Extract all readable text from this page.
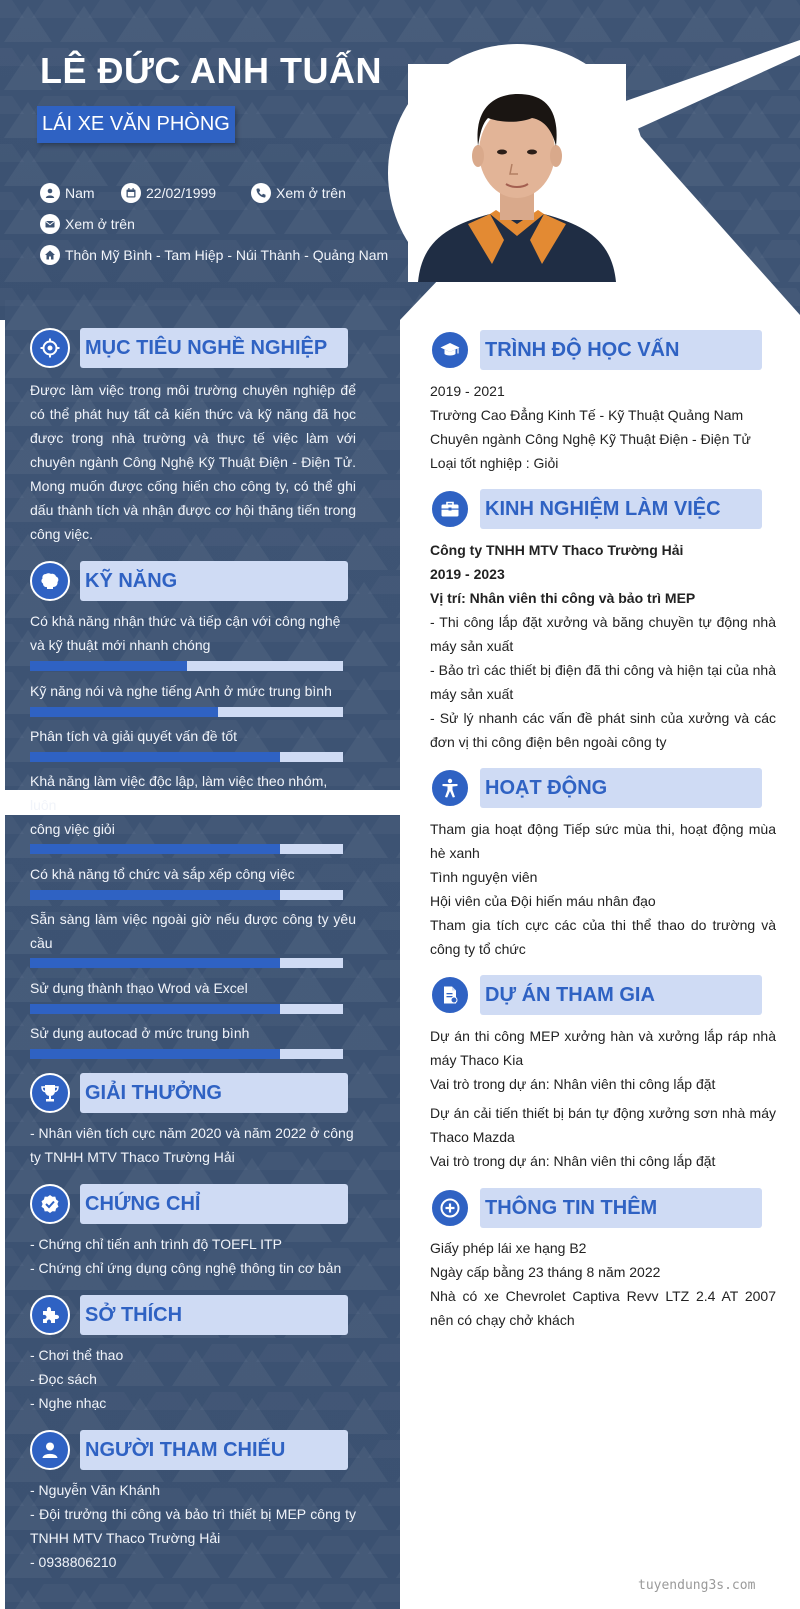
LÊ ĐỨC ANH TUẤN
LÁI XE VĂN PHÒNG
Nam	22/02/1999	Xem ở trên
Xem ở trên
Thôn Mỹ Bình - Tam Hiệp - Núi Thành - Quảng Nam
MỤC TIÊU NGHỀ NGHIỆP
Được làm việc trong môi trường chuyên nghiệp để có thể phát huy tất cả kiến thức và kỹ năng đã học được trong nhà trường và thực tế việc làm với chuyên ngành Công Nghệ Kỹ Thuật Điện - Điện Tử. Mong muốn được cống hiến cho công ty, có thể ghi dấu thành tích và nhận được cơ hội thăng tiến trong công việc.
KỸ NĂNG
Có khả năng nhận thức và tiếp cận với công nghệ và kỹ thuật mới nhanh chóng
Kỹ năng nói và nghe tiếng Anh ở mức trung bình
Phân tích và giải quyết vấn đề tốt
Khả năng làm việc độc lập, làm việc theo nhóm, luôn
công việc giỏi
Có khả năng tổ chức và sắp xếp công việc
Sẵn sàng làm việc ngoài giờ nếu được công ty yêu cầu
Sử dụng thành thạo Wrod và Excel
Sử dụng autocad ở mức trung bình
GIẢI THƯỞNG
- Nhân viên tích cực năm 2020 và năm 2022 ở công ty TNHH MTV Thaco Trường Hải
CHỨNG CHỈ
- Chứng chỉ tiến anh trình độ TOEFL ITP
- Chứng chỉ ứng dụng công nghệ thông tin cơ bản
SỞ THÍCH
- Chơi thể thao
- Đọc sách
- Nghe nhạc
NGƯỜI THAM CHIẾU
- Nguyễn Văn Khánh
- Đội trưởng thi công và bảo trì thiết bị MEP công ty TNHH MTV Thaco Trường Hải
- 0938806210
TRÌNH ĐỘ HỌC VẤN
2019 - 2021
Trường Cao Đẳng Kinh Tế - Kỹ Thuật Quảng Nam
Chuyên ngành Công Nghệ Kỹ Thuật Điện - Điện Tử
Loại tốt nghiệp : Giỏi
KINH NGHIỆM LÀM VIỆC
Công ty TNHH MTV Thaco Trường Hải
2019 - 2023
Vị trí: Nhân viên thi công và bảo trì MEP
- Thi công lắp đặt xưởng và băng chuyền tự động nhà máy sản xuất
- Bảo trì các thiết bị điện đã thi công và hiện tại của nhà máy sản xuất
- Sử lý nhanh các vấn đề phát sinh của xưởng và các đơn vị thi công điện bên ngoài công ty
HOẠT ĐỘNG
Tham gia hoạt động Tiếp sức mùa thi, hoạt động mùa hè xanh
Tình nguyện viên
Hội viên của Đội hiến máu nhân đạo
Tham gia tích cực các của thi thể thao do trường và công ty tổ chức
DỰ ÁN THAM GIA
Dự án thi công MEP xưởng hàn và xưởng lắp ráp nhà máy Thaco Kia
Vai trò trong dự án: Nhân viên thi công lắp đặt
Dự án cải tiến thiết bị bán tự động xưởng sơn nhà máy Thaco Mazda
Vai trò trong dự án: Nhân viên thi công lắp đặt
THÔNG TIN THÊM
Giấy phép lái xe hạng B2
Ngày cấp bằng 23 tháng 8 năm 2022
Nhà có xe Chevrolet Captiva Revv LTZ 2.4 AT 2007 nên có chạy chở khách
tuyendung3s.com
